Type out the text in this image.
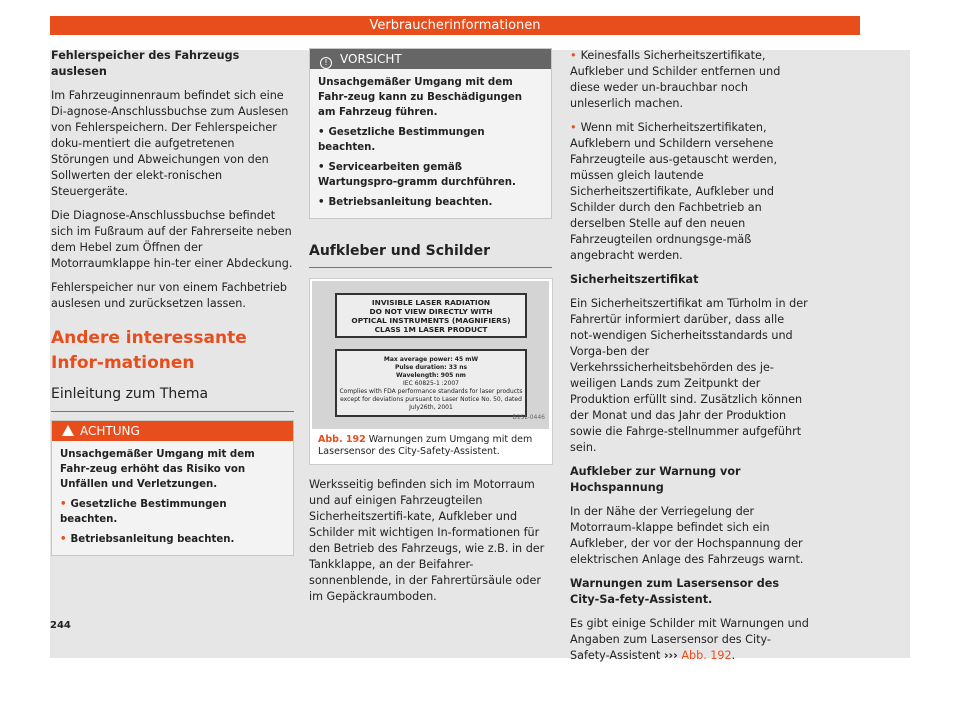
Verbraucherinformationen

Fehlerspeicher des Fahrzeugs auslesen

Im Fahrzeuginnenraum befindet sich eine Di-agnose-Anschlussbuchse zum Auslesen von Fehlerspeichern. Der Fehlerspeicher doku-mentiert die aufgetretenen Störungen und Abweichungen von den Sollwerten der elekt-ronischen Steuergeräte.

Die Diagnose-Anschlussbuchse befindet sich im Fußraum auf der Fahrerseite neben dem Hebel zum Öffnen der Motorraumklappe hin-ter einer Abdeckung.

Fehlerspeicher nur von einem Fachbetrieb auslesen und zurücksetzen lassen.

Andere interessante Infor-mationen
Einleitung zum Thema
ACHTUNG
Unsachgemäßer Umgang mit dem Fahr-zeug erhöht das Risiko von Unfällen und Verletzungen.
• Gesetzliche Bestimmungen beachten.
• Betriebsanleitung beachten.
! VORSICHT
Unsachgemäßer Umgang mit dem Fahr-zeug kann zu Beschädigungen am Fahrzeug führen.
• Gesetzliche Bestimmungen beachten.
• Servicearbeiten gemäß Wartungspro-gramm durchführen.
• Betriebsanleitung beachten.
Aufkleber und Schilder
INVISIBLE LASER RADIATION
DO NOT VIEW DIRECTLY WITH
OPTICAL INSTRUMENTS (MAGNIFIERS)
CLASS 1M LASER PRODUCT
Max average power: 45 mW
Pulse duration: 33 ns
Wavelength: 905 nm
IEC 60825-1 :2007
Complies with FDA performance standards for laser products
except for deviations pursuant to Laser Notice No. 50, dated
July26th, 2001
B1SL-0446
Abb. 192 Warnungen zum Umgang mit dem Lasersensor des City-Safety-Assistent.

Werksseitig befinden sich im Motorraum und auf einigen Fahrzeugteilen Sicherheitszertifi-kate, Aufkleber und Schilder mit wichtigen In-formationen für den Betrieb des Fahrzeugs, wie z.B. in der Tankklappe, an der Beifahrer-sonnenblende, in der Fahrertürsäule oder im Gepäckraumboden.

• Keinesfalls Sicherheitszertifikate, Aufkleber und Schilder entfernen und diese weder un-brauchbar noch unleserlich machen.

• Wenn mit Sicherheitszertifikaten, Aufklebern und Schildern versehene Fahrzeugteile aus-getauscht werden, müssen gleich lautende Sicherheitszertifikate, Aufkleber und Schilder durch den Fachbetrieb an derselben Stelle auf den neuen Fahrzeugteilen ordnungsge-mäß angebracht werden.

Sicherheitszertifikat

Ein Sicherheitszertifikat am Türholm in der Fahrertür informiert darüber, dass alle not-wendigen Sicherheitsstandards und Vorga-ben der Verkehrssicherheitsbehörden des je-weiligen Lands zum Zeitpunkt der Produktion erfüllt sind. Zusätzlich können der Monat und das Jahr der Produktion sowie die Fahrge-stellnummer aufgeführt sein.

Aufkleber zur Warnung vor Hochspannung

In der Nähe der Verriegelung der Motorraum-klappe befindet sich ein Aufkleber, der vor der Hochspannung der elektrischen Anlage des Fahrzeugs warnt.

Warnungen zum Lasersensor des City-Sa-fety-Assistent.

Es gibt einige Schilder mit Warnungen und Angaben zum Lasersensor des City-Safety-Assistent ››› Abb. 192.

244
